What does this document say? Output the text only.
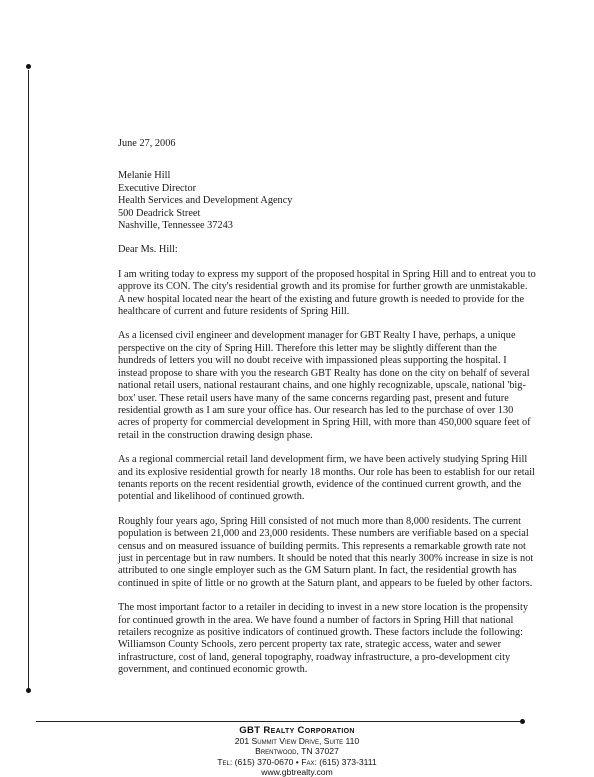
June 27, 2006

Melanie Hill
Executive Director
Health Services and Development Agency
500 Deadrick Street
Nashville, Tennessee 37243

Dear Ms. Hill:

I am writing today to express my support of the proposed hospital in Spring Hill and to entreat you to approve its CON. The city's residential growth and its promise for further growth are unmistakable. A new hospital located near the heart of the existing and future growth is needed to provide for the healthcare of current and future residents of Spring Hill.

As a licensed civil engineer and development manager for GBT Realty I have, perhaps, a unique perspective on the city of Spring Hill. Therefore this letter may be slightly different than the hundreds of letters you will no doubt receive with impassioned pleas supporting the hospital. I instead propose to share with you the research GBT Realty has done on the city on behalf of several national retail users, national restaurant chains, and one highly recognizable, upscale, national 'big-box' user. These retail users have many of the same concerns regarding past, present and future residential growth as I am sure your office has. Our research has led to the purchase of over 130 acres of property for commercial development in Spring Hill, with more than 450,000 square feet of retail in the construction drawing design phase.

As a regional commercial retail land development firm, we have been actively studying Spring Hill and its explosive residential growth for nearly 18 months. Our role has been to establish for our retail tenants reports on the recent residential growth, evidence of the continued current growth, and the potential and likelihood of continued growth.

Roughly four years ago, Spring Hill consisted of not much more than 8,000 residents. The current population is between 21,000 and 23,000 residents. These numbers are verifiable based on a special census and on measured issuance of building permits. This represents a remarkable growth rate not just in percentage but in raw numbers. It should be noted that this nearly 300% increase in size is not attributed to one single employer such as the GM Saturn plant. In fact, the residential growth has continued in spite of little or no growth at the Saturn plant, and appears to be fueled by other factors.

The most important factor to a retailer in deciding to invest in a new store location is the propensity for continued growth in the area. We have found a number of factors in Spring Hill that national retailers recognize as positive indicators of continued growth. These factors include the following: Williamson County Schools, zero percent property tax rate, strategic access, water and sewer infrastructure, cost of land, general topography, roadway infrastructure, a pro-development city government, and continued economic growth.

GBT Realty Corporation
201 Summit View Drive, Suite 110
Brentwood, TN 37027
Tel: (615) 370-0670 • Fax: (615) 373-3111
www.gbtrealty.com
